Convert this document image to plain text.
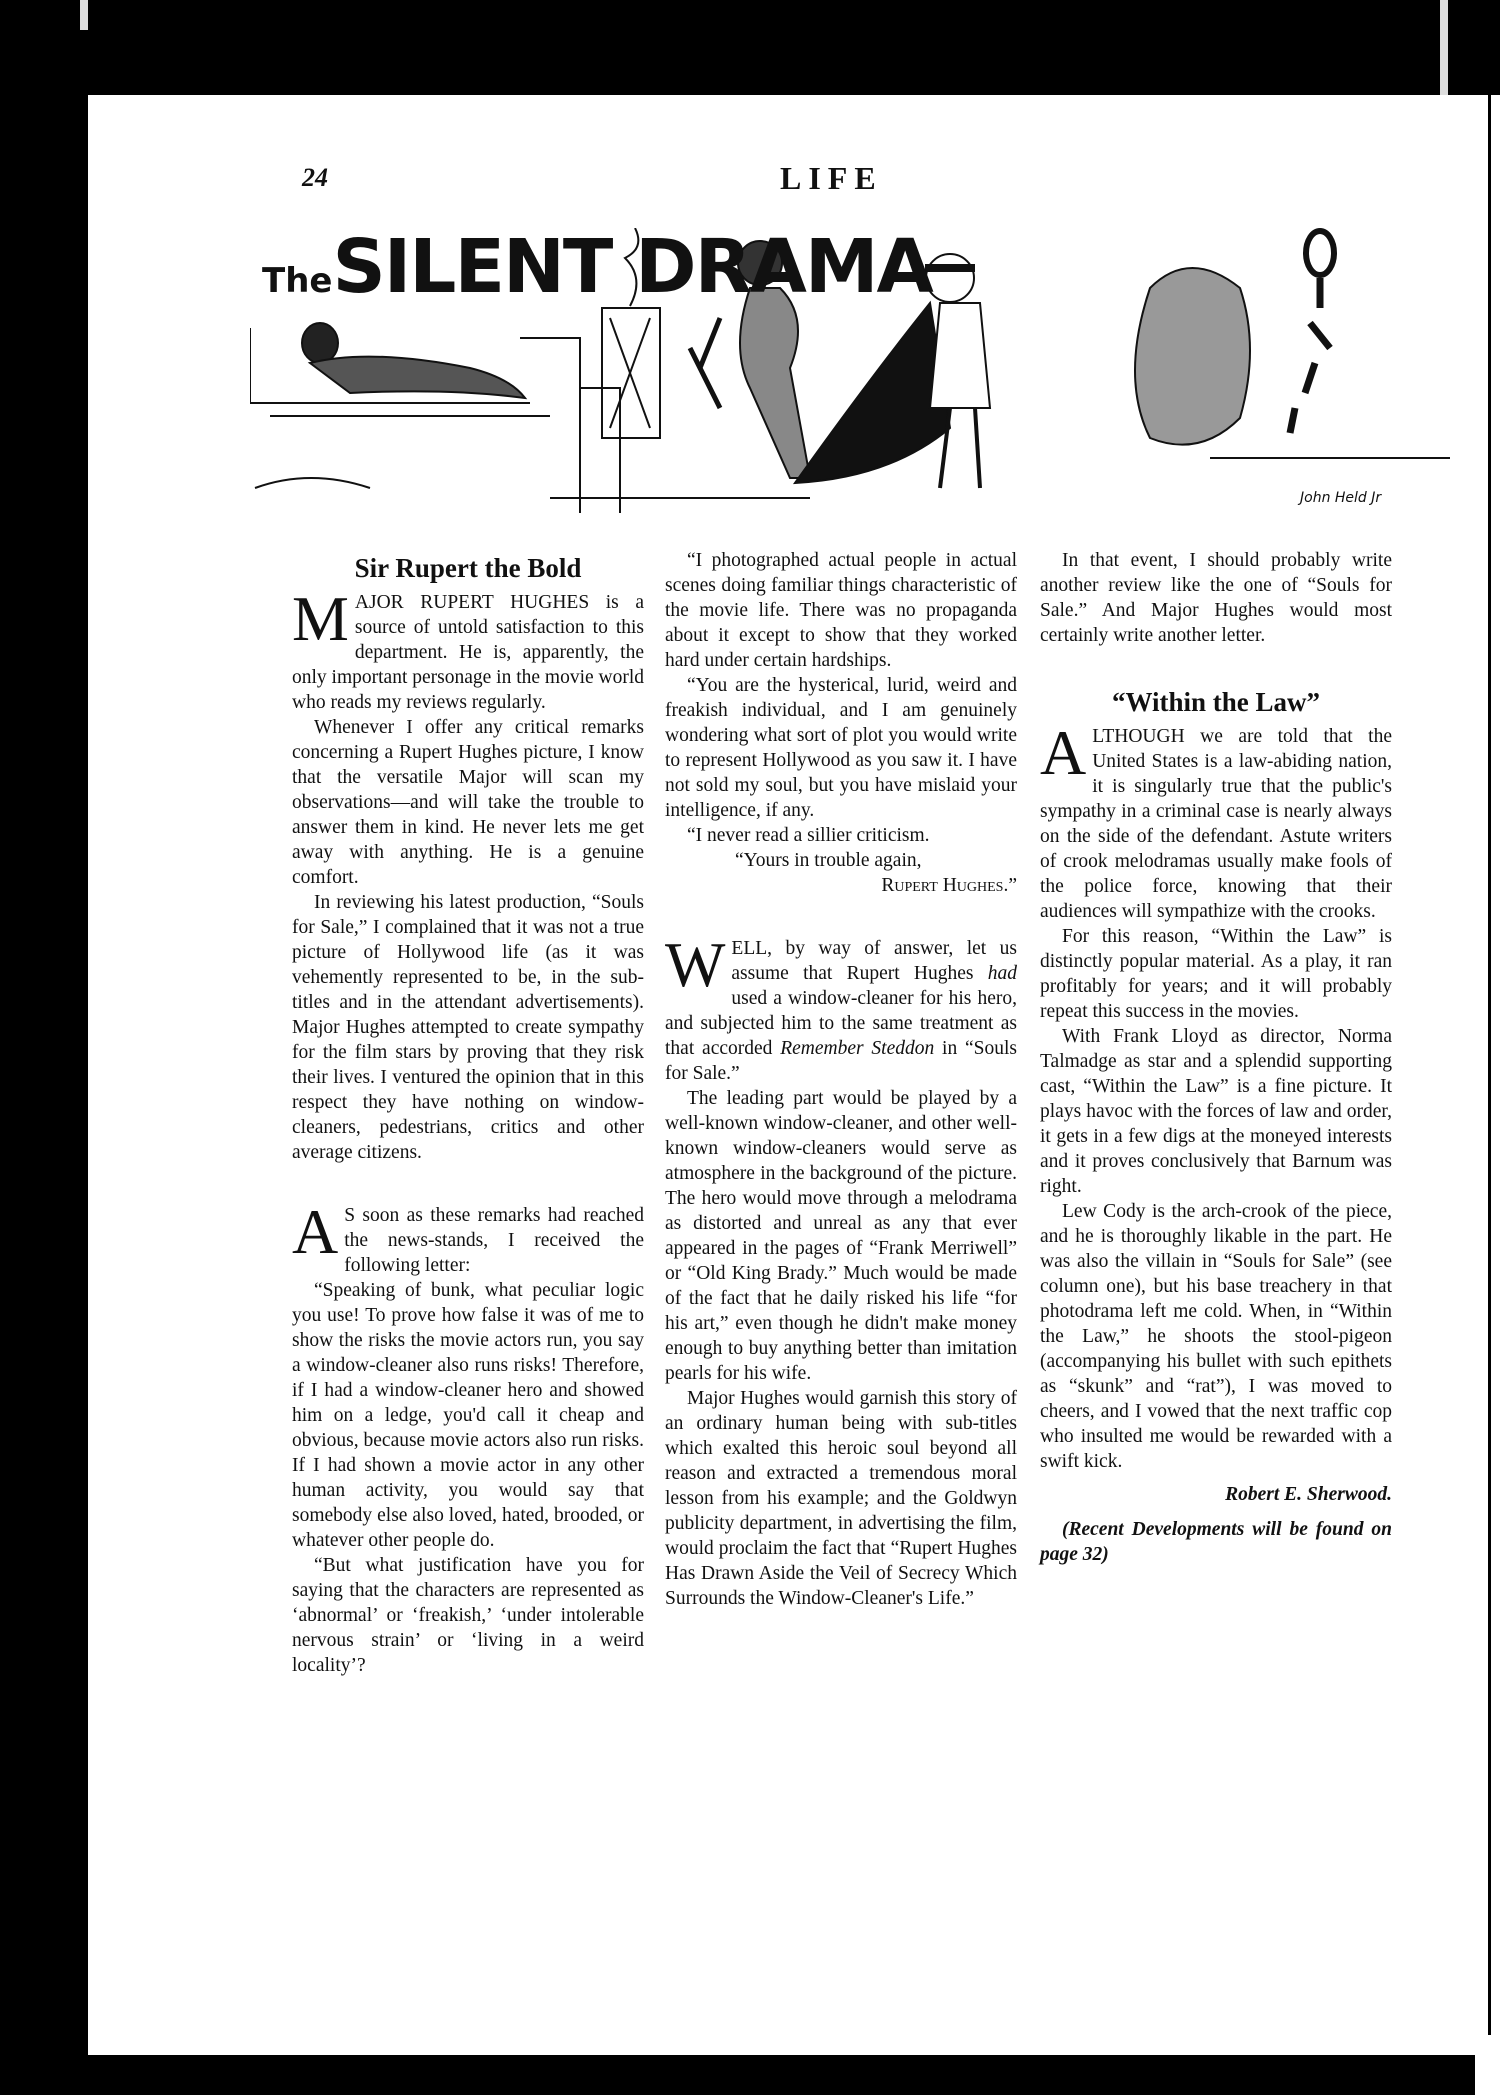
24	LIFE
TheSILENT DRAMA
John Held Jr
Sir Rupert the Bold

MAJOR RUPERT HUGHES is a source of untold satisfaction to this department. He is, apparently, the only important personage in the movie world who reads my reviews regularly.

Whenever I offer any critical remarks concerning a Rupert Hughes picture, I know that the versatile Major will scan my observations—and will take the trouble to answer them in kind. He never lets me get away with anything. He is a genuine comfort.

In reviewing his latest production, “Souls for Sale,” I complained that it was not a true picture of Hollywood life (as it was vehemently represented to be, in the sub-titles and in the attendant advertisements). Major Hughes attempted to create sympathy for the film stars by proving that they risk their lives. I ventured the opinion that in this respect they have nothing on window-cleaners, pedestrians, critics and other average citizens.

A S soon as these remarks had reached the news-stands, I received the following letter:

“Speaking of bunk, what peculiar logic you use! To prove how false it was of me to show the risks the movie actors run, you say a window-cleaner also runs risks! Therefore, if I had a window-cleaner hero and showed him on a ledge, you'd call it cheap and obvious, because movie actors also run risks. If I had shown a movie actor in any other human activity, you would say that somebody else also loved, hated, brooded, or whatever other people do.

“But what justification have you for saying that the characters are represented as ‘abnormal’ or ‘freakish,’ ‘under intolerable nervous strain’ or ‘living in a weird locality’?

“I photographed actual people in actual scenes doing familiar things characteristic of the movie life. There was no propaganda about it except to show that they worked hard under certain hardships.

“You are the hysterical, lurid, weird and freakish individual, and I am genuinely wondering what sort of plot you would write to represent Hollywood as you saw it. I have not sold my soul, but you have mislaid your intelligence, if any.

“I never read a sillier criticism.

“Yours in trouble again,

Rupert Hughes.”

WELL, by way of answer, let us assume that Rupert Hughes had used a window-cleaner for his hero, and subjected him to the same treatment as that accorded Remember Steddon in “Souls for Sale.”

The leading part would be played by a well-known window-cleaner, and other well-known window-cleaners would serve as atmosphere in the background of the picture. The hero would move through a melodrama as distorted and unreal as any that ever appeared in the pages of “Frank Merriwell” or “Old King Brady.” Much would be made of the fact that he daily risked his life “for his art,” even though he didn't make money enough to buy anything better than imitation pearls for his wife.

Major Hughes would garnish this story of an ordinary human being with sub-titles which exalted this heroic soul beyond all reason and extracted a tremendous moral lesson from his example; and the Goldwyn publicity department, in advertising the film, would proclaim the fact that “Rupert Hughes Has Drawn Aside the Veil of Secrecy Which Surrounds the Window-Cleaner's Life.”

In that event, I should probably write another review like the one of “Souls for Sale.” And Major Hughes would most certainly write another letter.

“Within the Law”

ALTHOUGH we are told that the United States is a law-abiding nation, it is singularly true that the public's sympathy in a criminal case is nearly always on the side of the defendant. Astute writers of crook melodramas usually make fools of the police force, knowing that their audiences will sympathize with the crooks.

For this reason, “Within the Law” is distinctly popular material. As a play, it ran profitably for years; and it will probably repeat this success in the movies.

With Frank Lloyd as director, Norma Talmadge as star and a splendid supporting cast, “Within the Law” is a fine picture. It plays havoc with the forces of law and order, it gets in a few digs at the moneyed interests and it proves conclusively that Barnum was right.

Lew Cody is the arch-crook of the piece, and he is thoroughly likable in the part. He was also the villain in “Souls for Sale” (see column one), but his base treachery in that photodrama left me cold. When, in “Within the Law,” he shoots the stool-pigeon (accompanying his bullet with such epithets as “skunk” and “rat”), I was moved to cheers, and I vowed that the next traffic cop who insulted me would be rewarded with a swift kick.

Robert E. Sherwood.

(Recent Developments will be found on page 32)

comicbooks.com
